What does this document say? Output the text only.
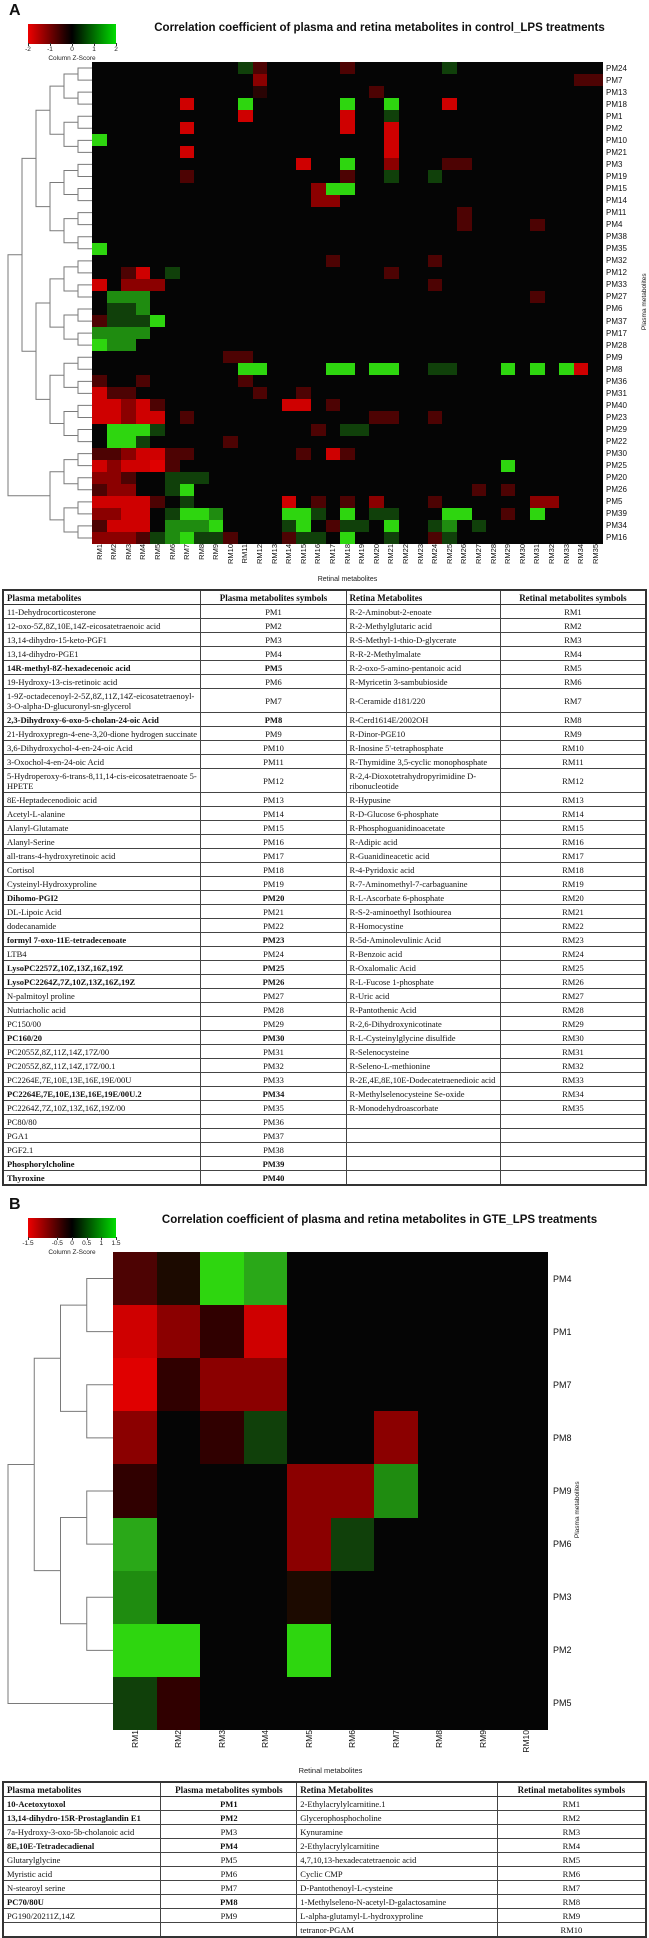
A
-2 -1	0	1	2
Column Z-Score
Correlation coefficient of plasma and retina metabolites in control_LPS treatments
Plasma metabolites
PM24
PM7
PM13
PM18
PM1
PM2
PM10
PM21
PM3
PM19
PM15
PM14
PM11
PM4
PM38
PM35
PM32
PM12
PM33
PM27
PM6
PM37
PM17
PM28
PM9
PM8
PM36
PM31
PM40
PM23
PM29
PM22
PM30
PM25
PM20
PM26
PM5
PM39
PM34
PM16
RM1 RM2 RM3 RM4 RM5 RM6 RM7 RM8 RM9 RM10 RM11 RM12 RM13 RM14 RM15 RM16 RM17 RM18 RM19 RM20 RM21 RM22 RM23 RM24 RM25 RM26 RM27 RM28 RM29 RM30 RM31 RM32 RM33 RM34 RM35
Retinal metabolites
Plasma metabolites	Plasma metabolites symbols	Retina Metabolites	Retinal metabolites symbols
11-Dehydrocorticosterone	PM1	R-2-Aminobut-2-enoate	RM1
12-oxo-5Z,8Z,10E,14Z-eicosatetraenoic acid	PM2	R-2-Methylglutaric acid	RM2
13,14-dihydro-15-keto-PGF1	PM3	R-S-Methyl-1-thio-D-glycerate	RM3
13,14-dihydro-PGE1	PM4	R-R-2-Methylmalate	RM4
14R-methyl-8Z-hexadecenoic acid	PM5	R-2-oxo-5-amino-pentanoic acid	RM5
19-Hydroxy-13-cis-retinoic acid	PM6	R-Myricetin 3-sambubioside	RM6
1-9Z-octadecenoyl-2-5Z,8Z,11Z,14Z-eicosatetraenoyl-3-O-alpha-D-glucuronyl-sn-glycerol	PM7	R-Ceramide d181/220	RM7
2,3-Dihydroxy-6-oxo-5-cholan-24-oic Acid	PM8	R-Cerd1614E/2002OH	RM8
21-Hydroxypregn-4-ene-3,20-dione hydrogen succinate	PM9	R-Dinor-PGE10	RM9
3,6-Dihydroxychol-4-en-24-oic Acid	PM10	R-Inosine 5'-tetraphosphate	RM10
3-Oxochol-4-en-24-oic Acid	PM11	R-Thymidine 3,5-cyclic monophosphate	RM11
5-Hydroperoxy-6-trans-8,11,14-cis-eicosatetraenoate 5-HPETE	PM12	R-2,4-Dioxotetrahydropyrimidine D-ribonucleotide	RM12
8E-Heptadecenodioic acid	PM13	R-Hypusine	RM13
Acetyl-L-alanine	PM14	R-D-Glucose 6-phosphate	RM14
Alanyl-Glutamate	PM15	R-Phosphoguanidinoacetate	RM15
Alanyl-Serine	PM16	R-Adipic acid	RM16
all-trans-4-hydroxyretinoic acid	PM17	R-Guanidineacetic acid	RM17
Cortisol	PM18	R-4-Pyridoxic acid	RM18
Cysteinyl-Hydroxyproline	PM19	R-7-Aminomethyl-7-carbaguanine	RM19
Dihomo-PGI2	PM20	R-L-Ascorbate 6-phosphate	RM20
DL-Lipoic Acid	PM21	R-S-2-aminoethyl Isothiourea	RM21
dodecanamide	PM22	R-Homocystine	RM22
formyl 7-oxo-11E-tetradecenoate	PM23	R-5d-Aminolevulinic Acid	RM23
LTB4	PM24	R-Benzoic acid	RM24
LysoPC2257Z,10Z,13Z,16Z,19Z	PM25	R-Oxalomalic Acid	RM25
LysoPC2264Z,7Z,10Z,13Z,16Z,19Z	PM26	R-L-Fucose 1-phosphate	RM26
N-palmitoyl proline	PM27	R-Uric acid	RM27
Nutriacholic acid	PM28	R-Pantothenic Acid	RM28
PC150/00	PM29	R-2,6-Dihydroxynicotinate	RM29
PC160/20	PM30	R-L-Cysteinylglycine disulfide	RM30
PC2055Z,8Z,11Z,14Z,17Z/00	PM31	R-Selenocysteine	RM31
PC2055Z,8Z,11Z,14Z,17Z/00.1	PM32	R-Seleno-L-methionine	RM32
PC2264E,7E,10E,13E,16E,19E/00U	PM33	R-2E,4E,8E,10E-Dodecatetraenedioic acid	RM33
PC2264E,7E,10E,13E,16E,19E/00U.2	PM34	R-Methylselenocysteine Se-oxide	RM34
PC2264Z,7Z,10Z,13Z,16Z,19Z/00	PM35	R-Monodehydroascorbate	RM35
PC80/80	PM36		
PGA1	PM37		
PGF2.1	PM38		
Phosphorylcholine	PM39		
Thyroxine	PM40		
B
-1.5	-0.5 0 0.5 1 1.5
Column Z-Score
Correlation coefficient of plasma and retina metabolites in GTE_LPS treatments
Plasma metabolites
PM4
PM1
PM7
PM8
PM9
PM6
PM3
PM2
PM5
RM1	RM2	RM3	RM4	RM5	RM6	RM7	RM8	RM9	RM10
Retinal metabolites
Plasma metabolites	Plasma metabolites symbols	Retina Metabolites	Retinal metabolites symbols
10-Acetoxytoxol	PM1	2-Ethylacrylylcarnitine.1	RM1
13,14-dihydro-15R-Prostaglandin E1	PM2	Glycerophosphocholine	RM2
7a-Hydroxy-3-oxo-5b-cholanoic acid	PM3	Kynuramine	RM3
8E,10E-Tetradecadienal	PM4	2-Ethylacrylylcarnitine	RM4
Glutarylglycine	PM5	4,7,10,13-hexadecatetraenoic acid	RM5
Myristic acid	PM6	Cyclic CMP	RM6
N-stearoyl serine	PM7	D-Pantothenoyl-L-cysteine	RM7
PC70/80U	PM8	1-Methylseleno-N-acetyl-D-galactosamine	RM8
PG190/20211Z,14Z	PM9	L-alpha-glutamyl-L-hydroxyproline	RM9
		tetranor-PGAM	RM10
